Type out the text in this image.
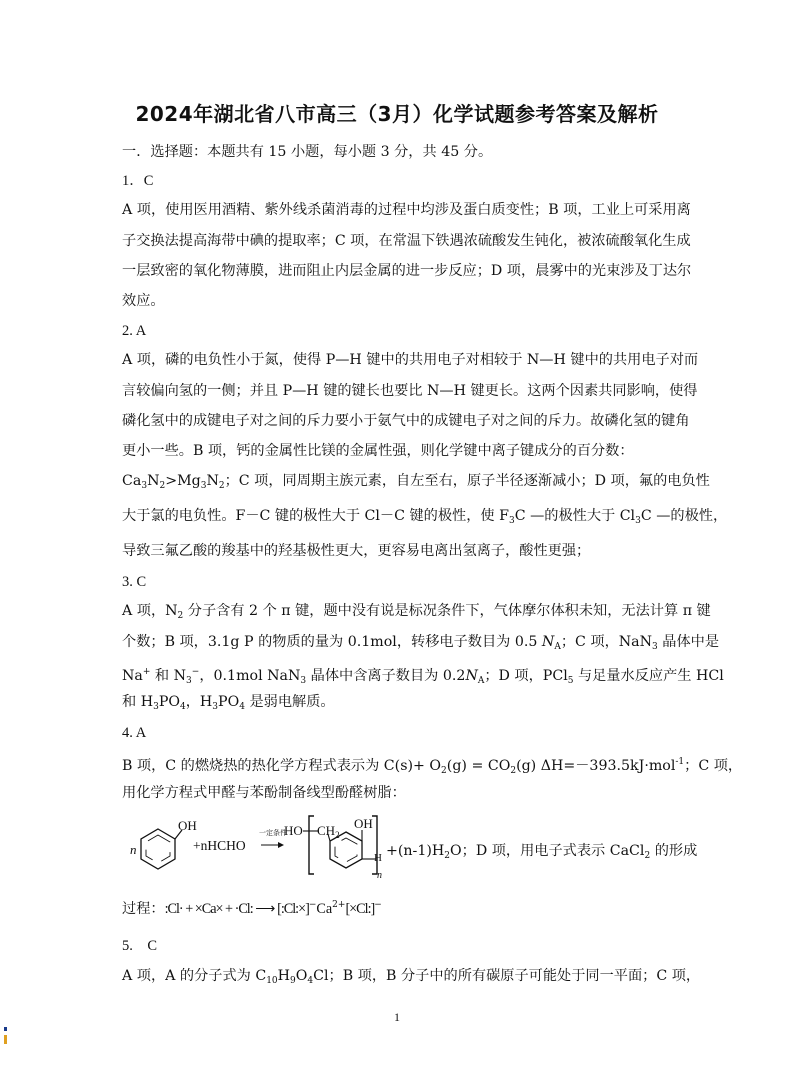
2024年湖北省八市高三（3月）化学试题参考答案及解析
一．选择题：本题共有 15 小题，每小题 3 分，共 45 分。
1．C
A 项，使用医用酒精、紫外线杀菌消毒的过程中均涉及蛋白质变性；B 项，工业上可采用离
子交换法提高海带中碘的提取率；C 项，在常温下铁遇浓硫酸发生钝化，被浓硫酸氧化生成
一层致密的氧化物薄膜，进而阻止内层金属的进一步反应；D 项，晨雾中的光束涉及丁达尔
效应。
2. A
A 项，磷的电负性小于氮，使得 P—H 键中的共用电子对相较于 N—H 键中的共用电子对而
言较偏向氢的一侧；并且 P—H 键的键长也要比 N—H 键更长。这两个因素共同影响，使得
磷化氢中的成键电子对之间的斥力要小于氨气中的成键电子对之间的斥力。故磷化氢的键角
更小一些。B 项，钙的金属性比镁的金属性强，则化学键中离子键成分的百分数：
$Ca_3N_2>Mg_3N_2$；C 项，同周期主族元素，自左至右，原子半径逐渐减小；D 项，氟的电负性
大于氯的电负性。F－C 键的极性大于 Cl－C 键的极性，使 $F_3C$ —的极性大于 $Cl_3C$ —的极性，
导致三氟乙酸的羧基中的羟基极性更大，更容易电离出氢离子，酸性更强；
3. C
A 项，$N_2$ 分子含有 2 个 π 键，题中没有说是标况条件下，气体摩尔体积未知，无法计算 π 键
个数；B 项，3.1g P 的物质的量为 0.1mol，转移电子数目为 0.5 $N_A$；C 项，NaN$_3$ 晶体中是
Na+ 和 $N_3^-$，0.1mol NaN$_3$ 晶体中含离子数目为 $0.2N_A$；D 项，PCl$_5$ 与足量水反应产生 HCl
和 $H_3PO_4$，$H_3PO_4$ 是弱电解质。
4. A
B 项，C 的燃烧热的热化学方程式表示为 $C(s)+ O_2(g) = CO_2(g)$ ΔH=－393.5kJ·mol$^{-1}$；C 项，
用化学方程式甲醛与苯酚制备线型酚醛树脂：
n
OH
+nHCHO
一定条件
HO $CH_2$
OH
H
n
$+(n-1)H_2O$；D 项，用电子式表示 CaCl$_2$ 的形成
过程：:Cl· + ×Ca× + ·Cl: ⟶ $[:Cl:\times]^-Ca^{2+}[\times Cl:]^-$
5.　C
A 项，A 的分子式为 $C_{10}H_9O_4Cl$；B 项，B 分子中的所有碳原子可能处于同一平面；C 项，
1
